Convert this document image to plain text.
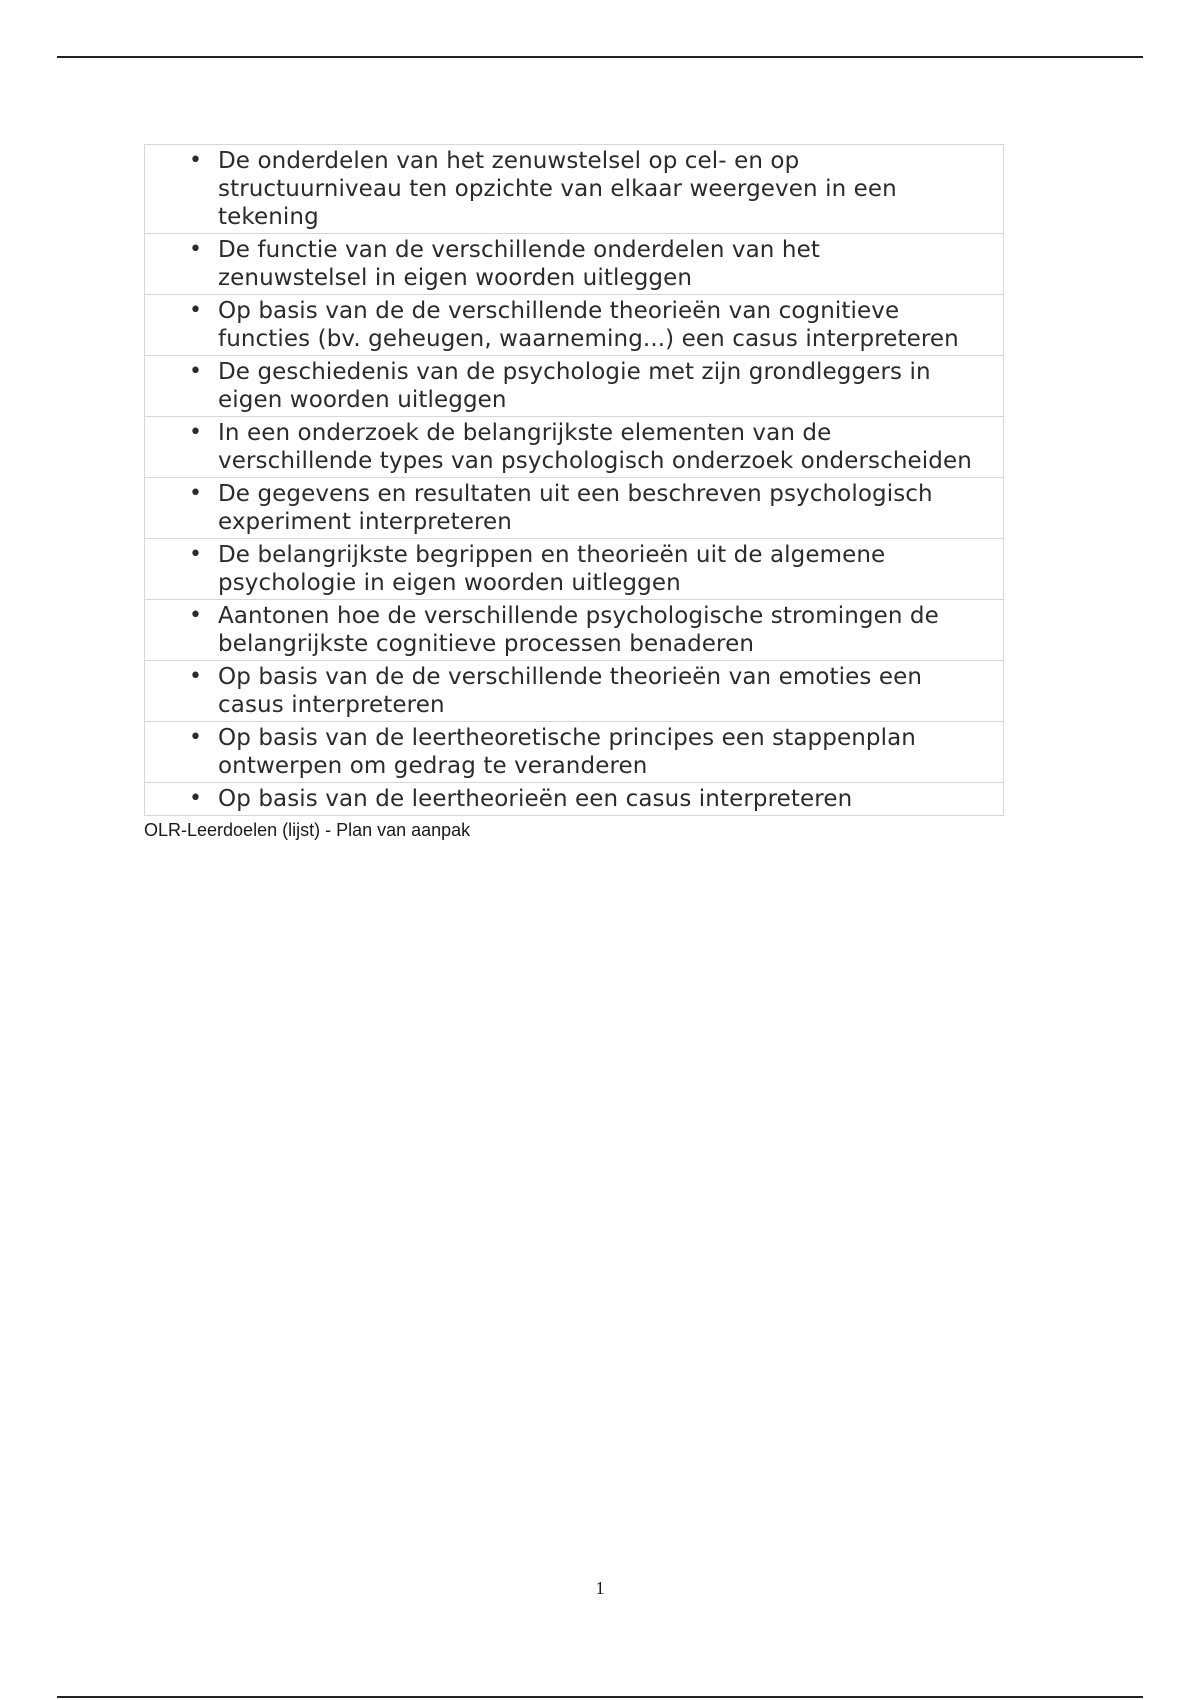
• De onderdelen van het zenuwstelsel op cel- en op
structuurniveau ten opzichte van elkaar weergeven in een
tekening
• De functie van de verschillende onderdelen van het
zenuwstelsel in eigen woorden uitleggen
• Op basis van de de verschillende theorieën van cognitieve
functies (bv. geheugen, waarneming...) een casus interpreteren
• De geschiedenis van de psychologie met zijn grondleggers in
eigen woorden uitleggen
• In een onderzoek de belangrijkste elementen van de
verschillende types van psychologisch onderzoek onderscheiden
• De gegevens en resultaten uit een beschreven psychologisch
experiment interpreteren
• De belangrijkste begrippen en theorieën uit de algemene
psychologie in eigen woorden uitleggen
• Aantonen hoe de verschillende psychologische stromingen de
belangrijkste cognitieve processen benaderen
• Op basis van de de verschillende theorieën van emoties een
casus interpreteren
• Op basis van de leertheoretische principes een stappenplan
ontwerpen om gedrag te veranderen
• Op basis van de leertheorieën een casus interpreteren
OLR-Leerdoelen (lijst) - Plan van aanpak
1
